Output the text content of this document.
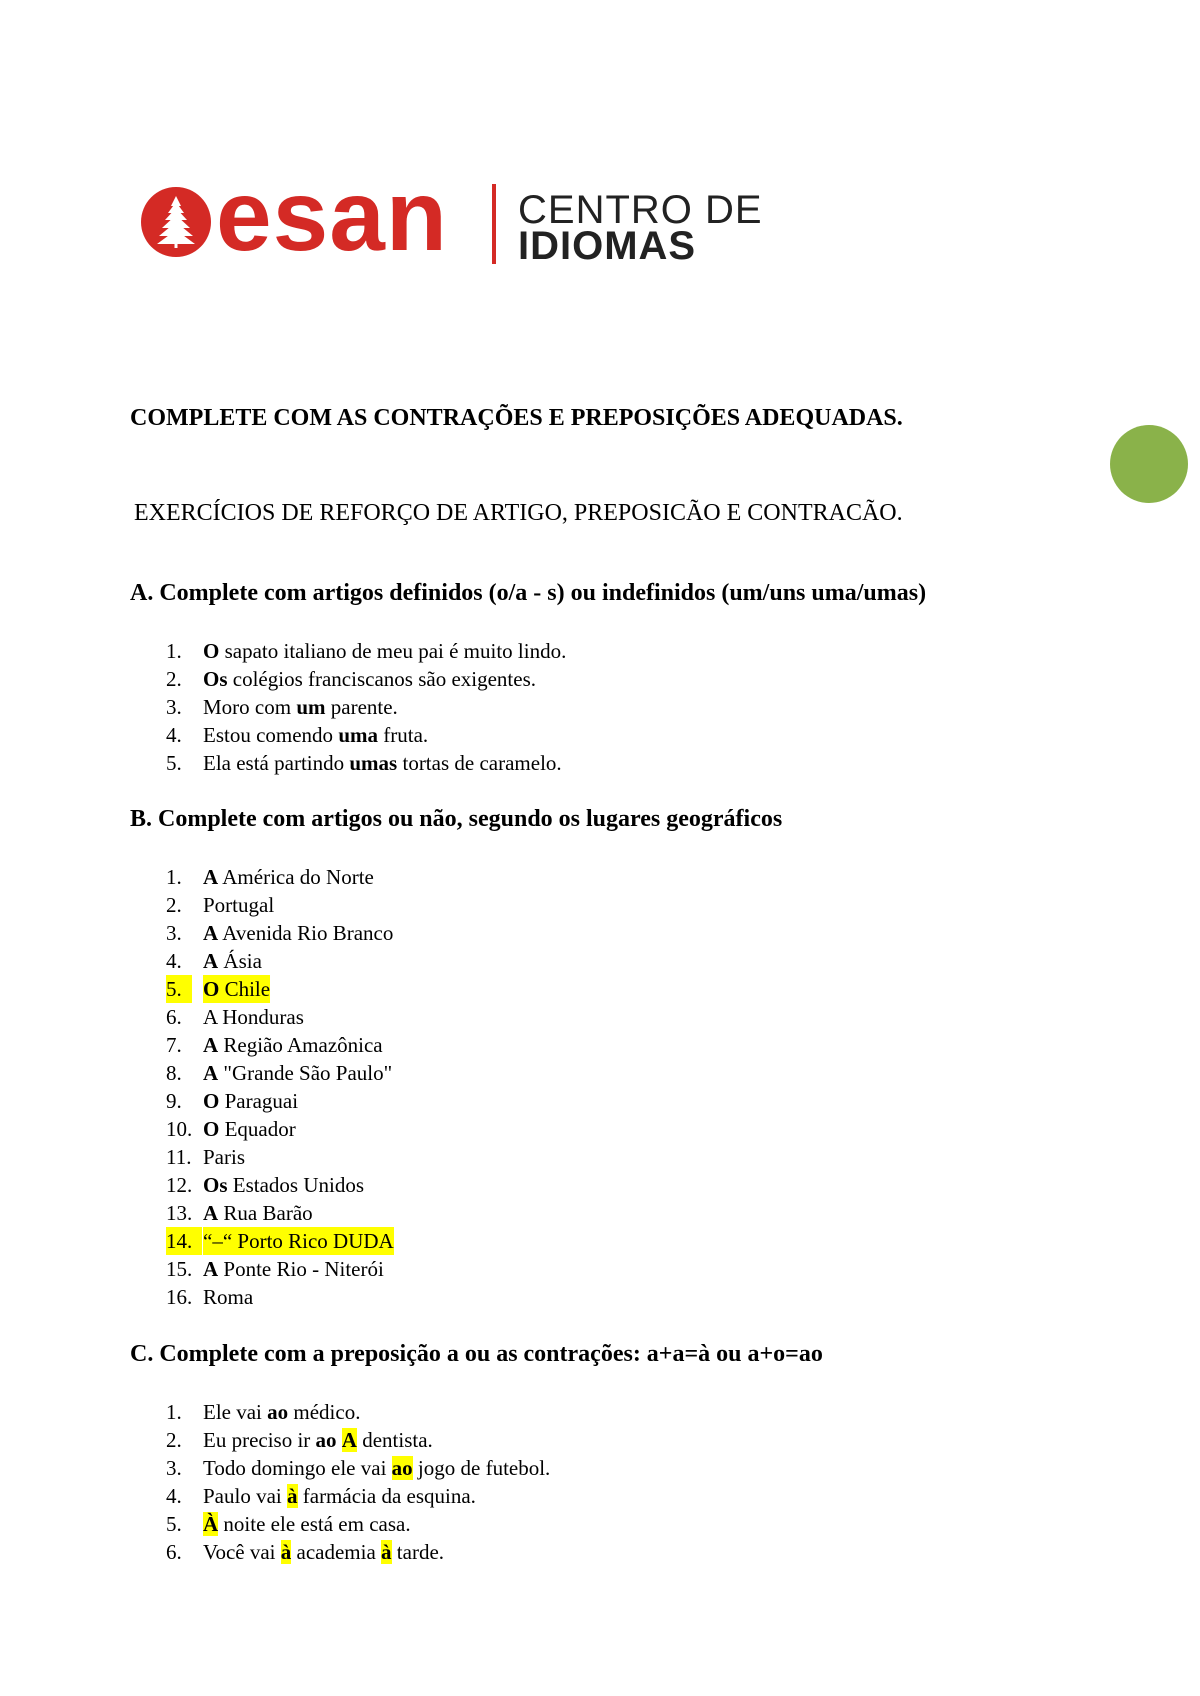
esan CENTRO DE
IDIOMAS
COMPLETE COM AS CONTRAÇÕES E PREPOSIÇÕES ADEQUADAS.
EXERCÍCIOS DE REFORÇO DE ARTIGO, PREPOSICÃO E CONTRACÃO.
A. Complete com artigos definidos (o/a - s) ou indefinidos (um/uns uma/umas)
B. Complete com artigos ou não, segundo os lugares geográficos
C. Complete com a preposição a ou as contrações: a+a=à ou a+o=ao
1. O sapato italiano de meu pai é muito lindo.
2. Os colégios franciscanos são exigentes.
3. Moro com um parente.
4. Estou comendo uma fruta.
5. Ela está partindo umas tortas de caramelo.
1. A América do Norte
2. Portugal
3. A Avenida Rio Branco
4. A Ásia
5.	O Chile
6. A Honduras
7. A Região Amazônica
8. A "Grande São Paulo"
9. O Paraguai
10. O Equador
11. Paris
12. Os Estados Unidos
13. A Rua Barão
14. “–“ Porto Rico DUDA
15. A Ponte Rio - Niterói
16. Roma
1. Ele vai ao médico.
2. Eu preciso ir ao A dentista.
3. Todo domingo ele vai ao jogo de futebol.
4. Paulo vai à farmácia da esquina.
5. À noite ele está em casa.
6. Você vai à academia à tarde.
